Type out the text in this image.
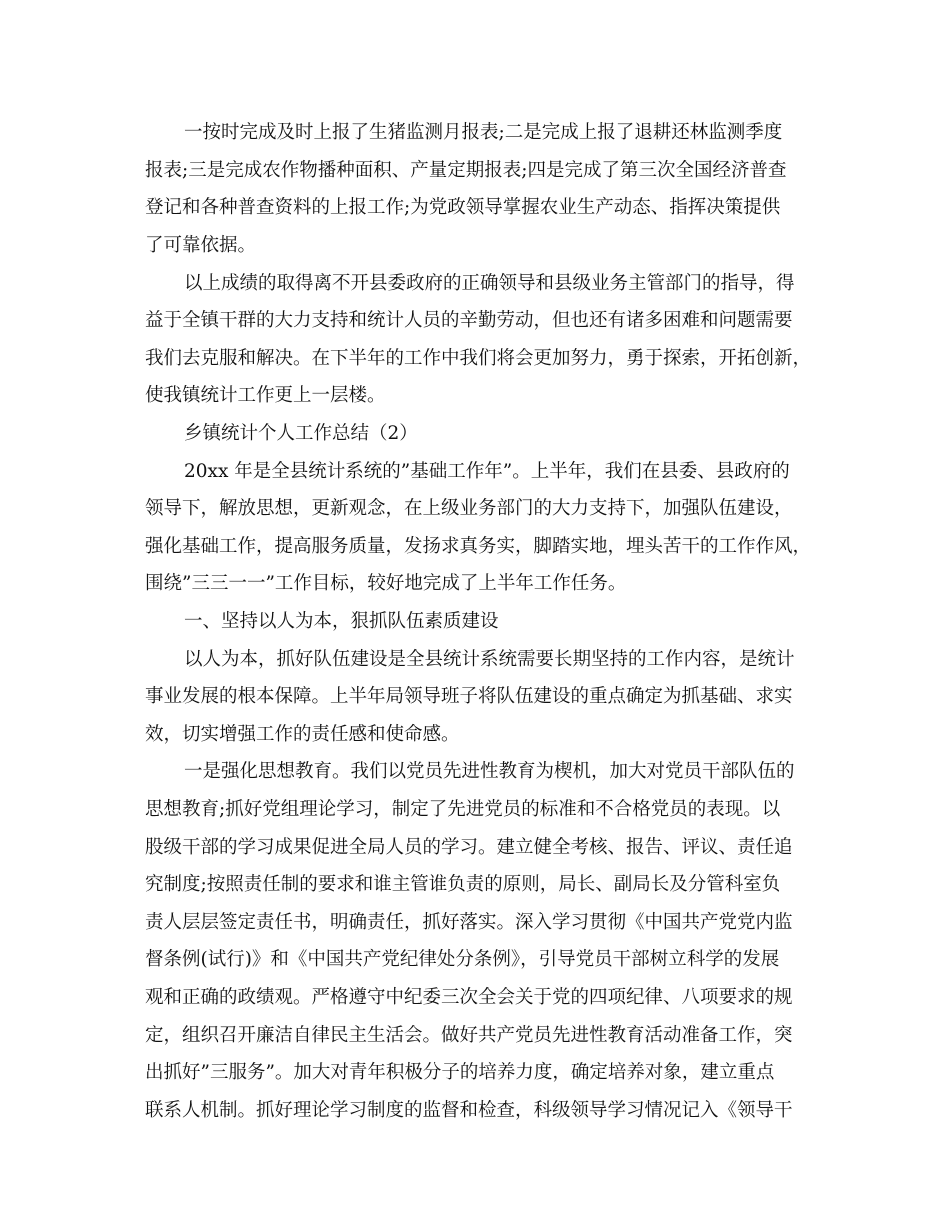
一按时完成及时上报了生猪监测月报表;二是完成上报了退耕还林监测季度
报表;三是完成农作物播种面积、产量定期报表;四是完成了第三次全国经济普查
登记和各种普查资料的上报工作;为党政领导掌握农业生产动态、指挥决策提供
了可靠依据。
以上成绩的取得离不开县委政府的正确领导和县级业务主管部门的指导，得
益于全镇干群的大力支持和统计人员的辛勤劳动，但也还有诸多困难和问题需要
我们去克服和解决。在下半年的工作中我们将会更加努力，勇于探索，开拓创新，
使我镇统计工作更上一层楼。
乡镇统计个人工作总结（2）
20xx 年是全县统计系统的”基础工作年”。上半年，我们在县委、县政府的
领导下，解放思想，更新观念，在上级业务部门的大力支持下，加强队伍建设，
强化基础工作，提高服务质量，发扬求真务实，脚踏实地，埋头苦干的工作作风，
围绕”三三一一”工作目标，较好地完成了上半年工作任务。
一、坚持以人为本，狠抓队伍素质建设
以人为本，抓好队伍建设是全县统计系统需要长期坚持的工作内容，是统计
事业发展的根本保障。上半年局领导班子将队伍建设的重点确定为抓基础、求实
效，切实增强工作的责任感和使命感。
一是强化思想教育。我们以党员先进性教育为楔机，加大对党员干部队伍的
思想教育;抓好党组理论学习，制定了先进党员的标准和不合格党员的表现。以
股级干部的学习成果促进全局人员的学习。建立健全考核、报告、评议、责任追
究制度;按照责任制的要求和谁主管谁负责的原则，局长、副局长及分管科室负
责人层层签定责任书，明确责任，抓好落实。深入学习贯彻《中国共产党党内监
督条例(试行)》和《中国共产党纪律处分条例》，引导党员干部树立科学的发展
观和正确的政绩观。严格遵守中纪委三次全会关于党的四项纪律、八项要求的规
定，组织召开廉洁自律民主生活会。做好共产党员先进性教育活动准备工作，突
出抓好”三服务”。加大对青年积极分子的培养力度，确定培养对象，建立重点
联系人机制。抓好理论学习制度的监督和检查，科级领导学习情况记入《领导干
